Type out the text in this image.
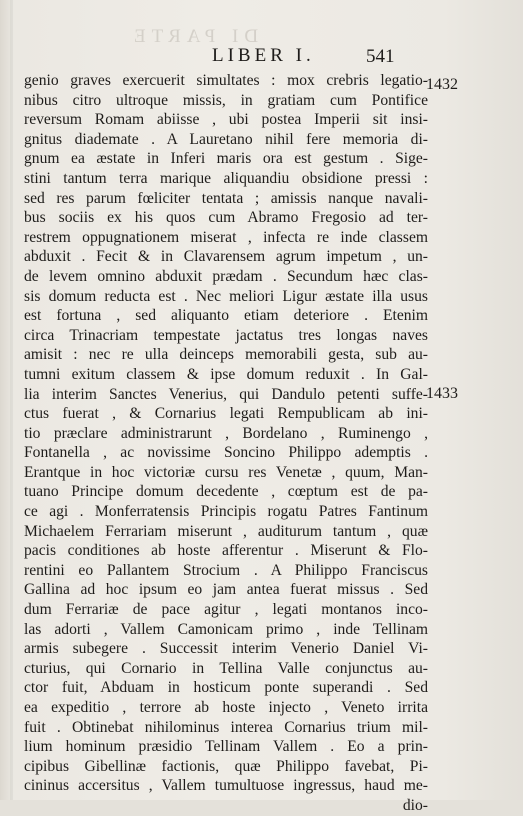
DI PARTE
LIBER I.	541
1432
1433
genio graves exercuerit simultates : mox crebris legatio-
nibus citro ultroque missis, in gratiam cum Pontifice
reversum Romam abiisse , ubi postea Imperii sit insi-
gnitus diademate . A Lauretano nihil fere memoria di-
gnum ea æstate in Inferi maris ora est gestum . Sige-
stini tantum terra marique aliquandiu obsidione pressi :
sed res parum fœliciter tentata ; amissis nanque navali-
bus sociis ex his quos cum Abramo Fregosio ad ter-
restrem oppugnationem miserat , infecta re inde classem
abduxit . Fecit & in Clavarensem agrum impetum , un-
de levem omnino abduxit prædam . Secundum hæc clas-
sis domum reducta est . Nec meliori Ligur æstate illa usus
est fortuna , sed aliquanto etiam deteriore . Etenim
circa Trinacriam tempestate jactatus tres longas naves
amisit : nec re ulla deinceps memorabili gesta, sub au-
tumni exitum classem & ipse domum reduxit . In Gal-
lia interim Sanctes Venerius, qui Dandulo petenti suffe-
ctus fuerat , & Cornarius legati Rempublicam ab ini-
tio præclare administrarunt , Bordelano , Ruminengo ,
Fontanella , ac novissime Soncino Philippo ademptis .
Erantque in hoc victoriæ cursu res Venetæ , quum, Man-
tuano Principe domum decedente , cœptum est de pa-
ce agi . Monferratensis Principis rogatu Patres Fantinum
Michaelem Ferrariam miserunt , auditurum tantum , quæ
pacis conditiones ab hoste afferentur . Miserunt & Flo-
rentini eo Pallantem Strocium . A Philippo Franciscus
Gallina ad hoc ipsum eo jam antea fuerat missus . Sed
dum Ferrariæ de pace agitur , legati montanos inco-
las adorti , Vallem Camonicam primo , inde Tellinam
armis subegere . Successit interim Venerio Daniel Vi-
cturius, qui Cornario in Tellina Valle conjunctus au-
ctor fuit, Abduam in hosticum ponte superandi . Sed
ea expeditio , terrore ab hoste injecto , Veneto irrita
fuit . Obtinebat nihilominus interea Cornarius trium mil-
lium hominum præsidio Tellinam Vallem . Eo a prin-
cipibus Gibellinæ factionis, quæ Philippo favebat, Pi-
cininus accersitus , Vallem tumultuose ingressus, haud me-
dio-
